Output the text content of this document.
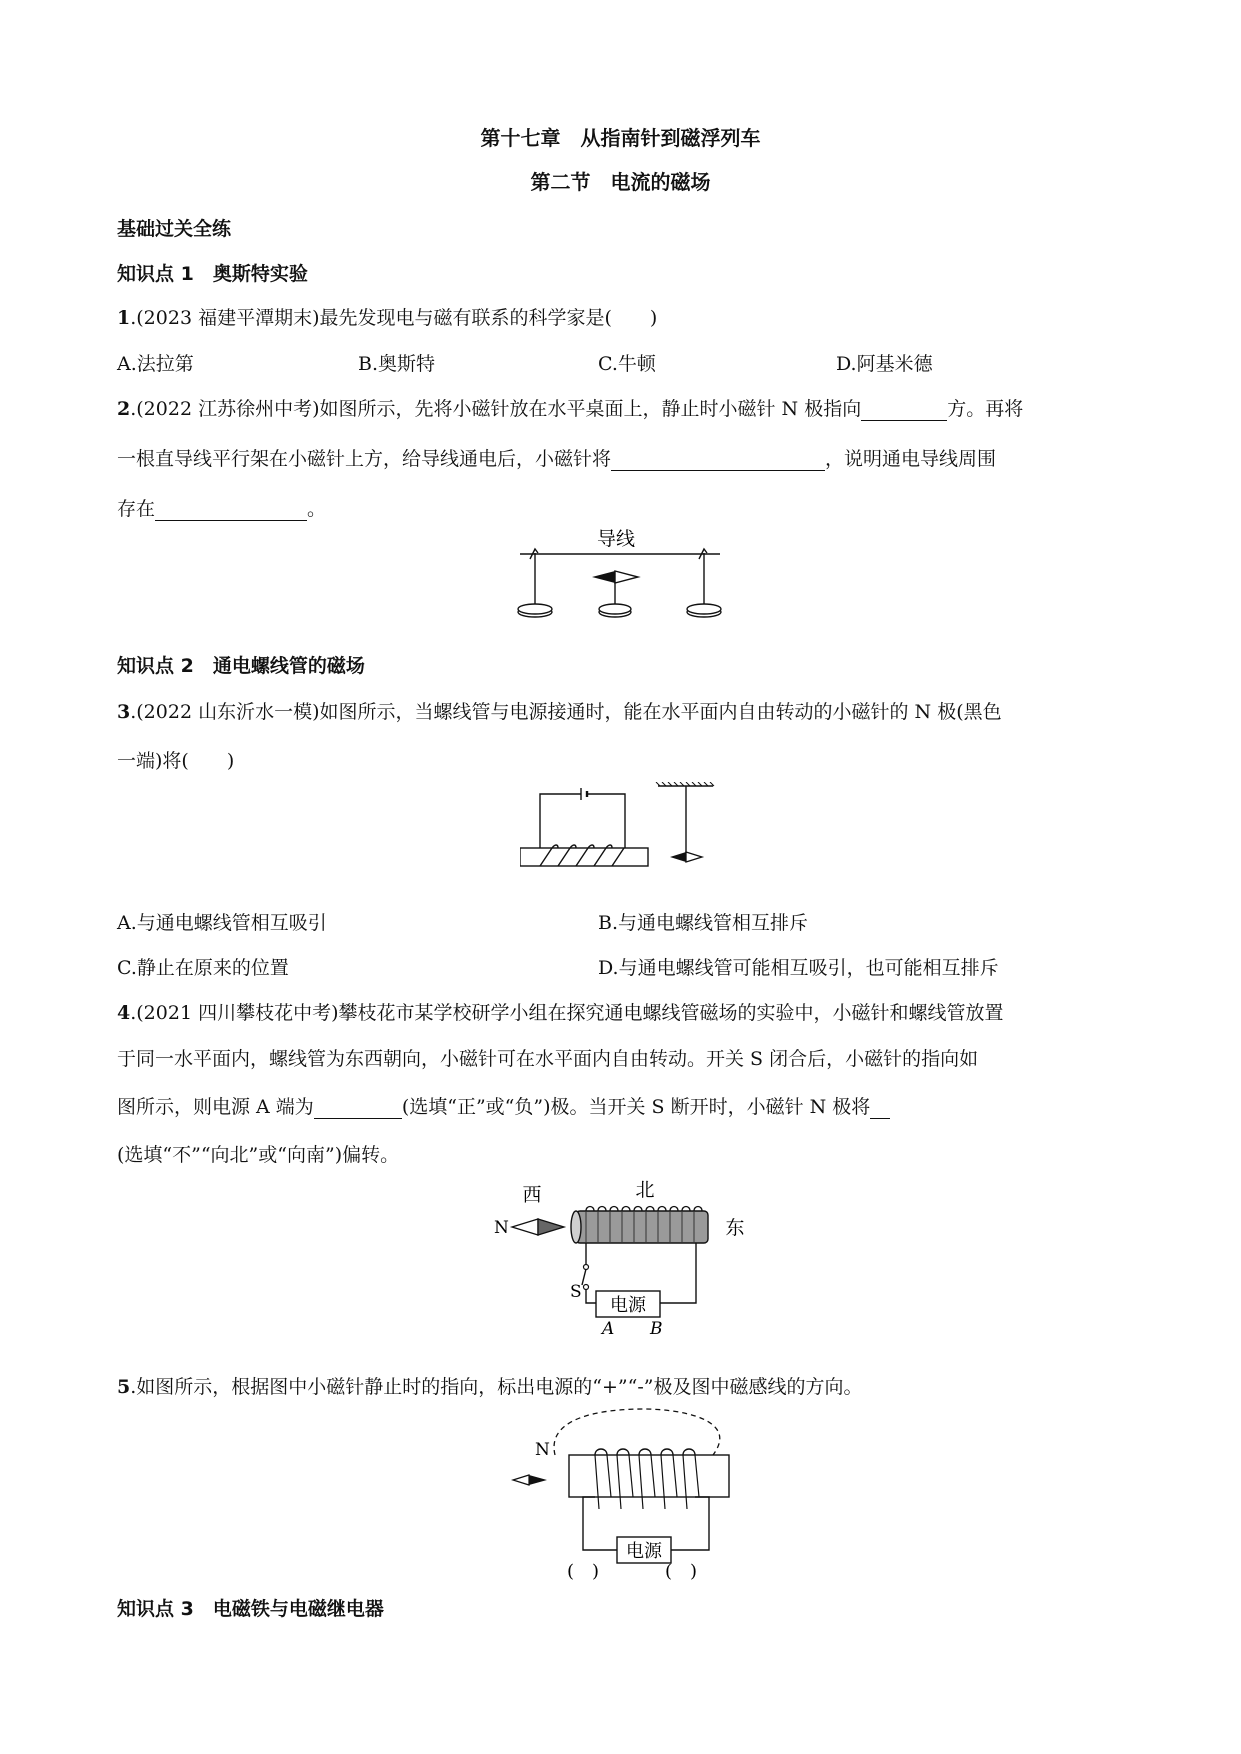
第十七章　从指南针到磁浮列车
第二节　电流的磁场
基础过关全练
知识点 1　奥斯特实验
1.(2023 福建平潭期末)最先发现电与磁有联系的科学家是(　　)
A.法拉第	B.奥斯特	C.牛顿	D.阿基米德
2.(2022 江苏徐州中考)如图所示，先将小磁针放在水平桌面上，静止时小磁针 N 极指向	方。再将
一根直导线平行架在小磁针上方，给导线通电后，小磁针将	，说明通电导线周围
存在	。
导线
知识点 2　通电螺线管的磁场
3.(2022 山东沂水一模)如图所示，当螺线管与电源接通时，能在水平面内自由转动的小磁针的 N 极(黑色
一端)将(　　)
A.与通电螺线管相互吸引	B.与通电螺线管相互排斥
C.静止在原来的位置	D.与通电螺线管可能相互吸引，也可能相互排斥
4.(2021 四川攀枝花中考)攀枝花市某学校研学小组在探究通电螺线管磁场的实验中，小磁针和螺线管放置
于同一水平面内，螺线管为东西朝向，小磁针可在水平面内自由转动。开关 S 闭合后，小磁针的指向如
图所示，则电源 A 端为	(选填“正”或“负”)极。当开关 S 断开时，小磁针 N 极将
(选填“不”“向北”或“向南”)偏转。
西	北
东
N
S
电源
A B
5.如图所示，根据图中小磁针静止时的指向，标出电源的“+”“-”极及图中磁感线的方向。
N
电源
(　)	(　)
知识点 3　电磁铁与电磁继电器
